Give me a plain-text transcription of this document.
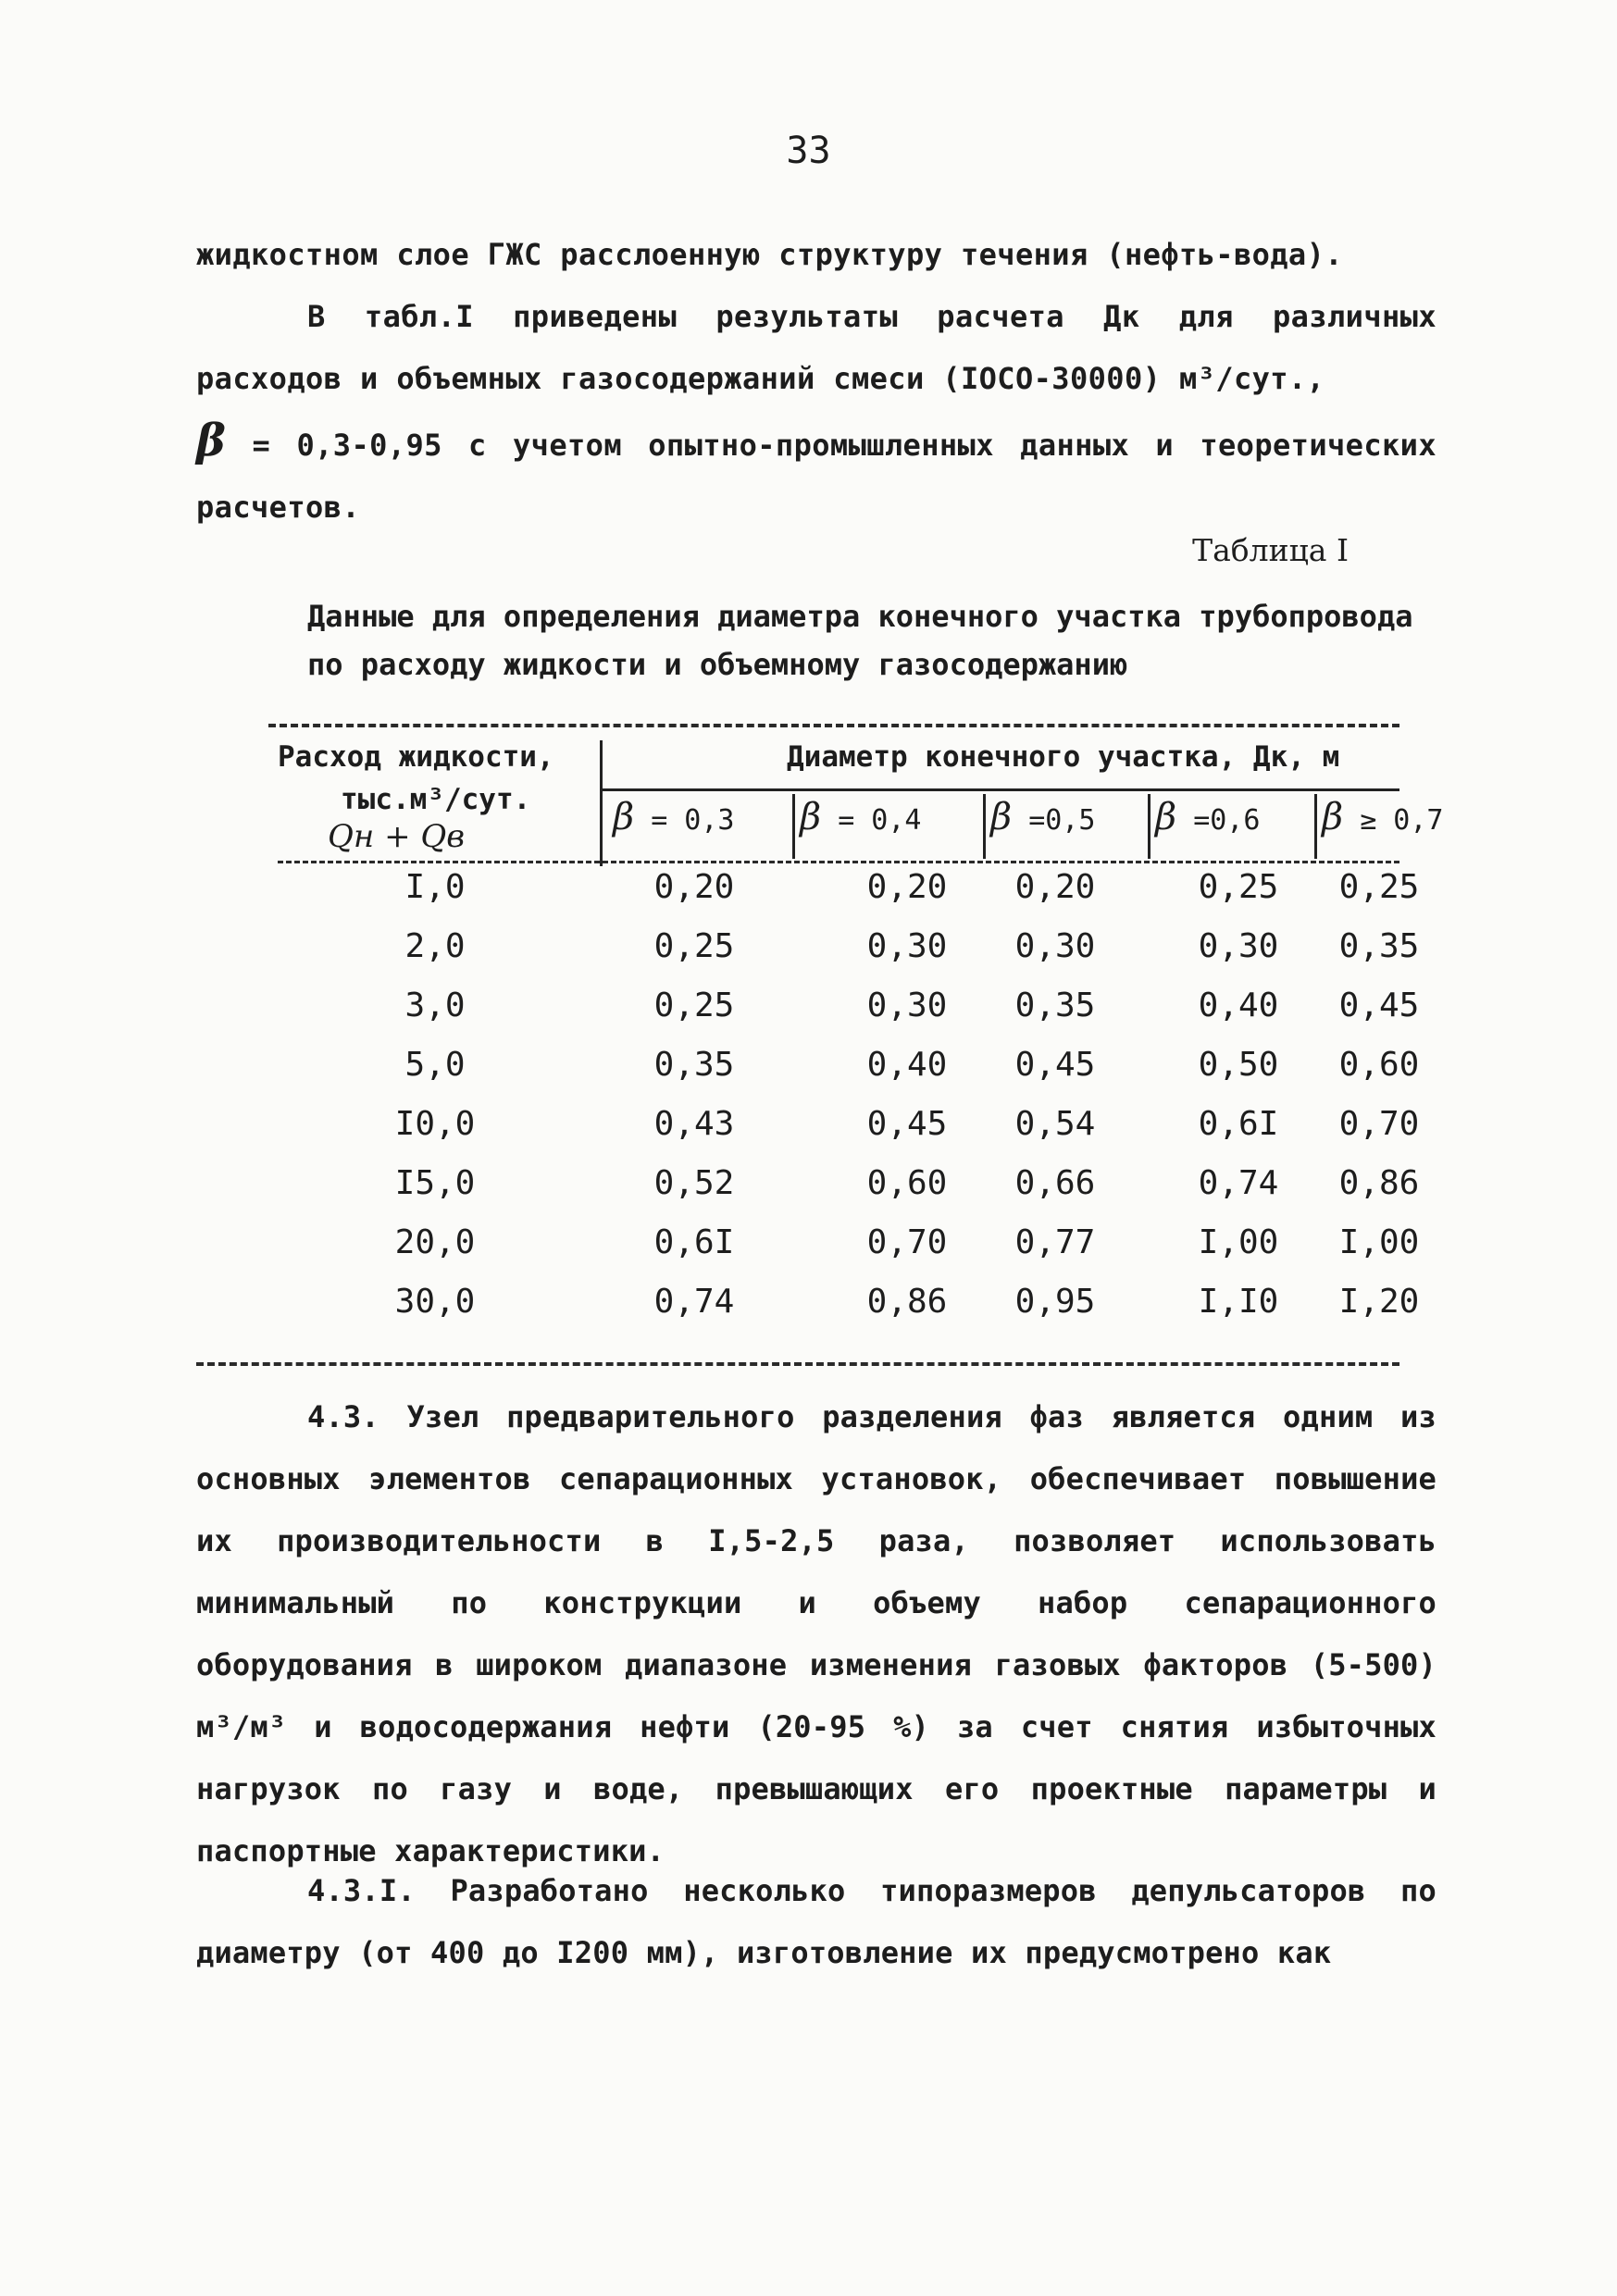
33
жидкостном слое ГЖС расслоенную структуру течения (нефть-вода).
В табл.I приведены результаты расчета Дк для различных расходов и объемных газосодержаний смеси (IOCO-30000) м³/сут.,
β = 0,3-0,95 с учетом опытно-промышленных данных и теоретических расчетов.
Таблица I

Данные для определения диаметра конечного участка трубопровода по расходу жидкости и объемному газосодержанию

Расход жидкости,
тыс.м³/сут.
Qн + Qв
Диаметр конечного участка, Дк, м
β = 0,3 β = 0,4 β =0,5 β =0,6 β ≥ 0,7
I,0	0,20	0,20	0,20	0,25	0,25
2,0	0,25	0,30	0,30	0,30	0,35
3,0	0,25	0,30	0,35	0,40	0,45
5,0	0,35	0,40	0,45	0,50	0,60
I0,0	0,43	0,45	0,54	0,6I	0,70
I5,0	0,52	0,60	0,66	0,74	0,86
20,0	0,6I	0,70	0,77	I,00	I,00
30,0	0,74	0,86	0,95	I,I0	I,20

4.3. Узел предварительного разделения фаз является одним из основных элементов сепарационных установок, обеспечивает повышение их производительности в I,5-2,5 раза, позволяет использовать минимальный по конструкции и объему набор сепарационного оборудования в широком диапазоне изменения газовых факторов (5-500) м³/м³ и водосодержания нефти (20-95 %) за счет снятия избыточных нагрузок по газу и воде, превышающих его проектные параметры и паспортные характеристики.

4.3.I. Разработано несколько типоразмеров депульсаторов по диаметру (от 400 до I200 мм), изготовление их предусмотрено как
